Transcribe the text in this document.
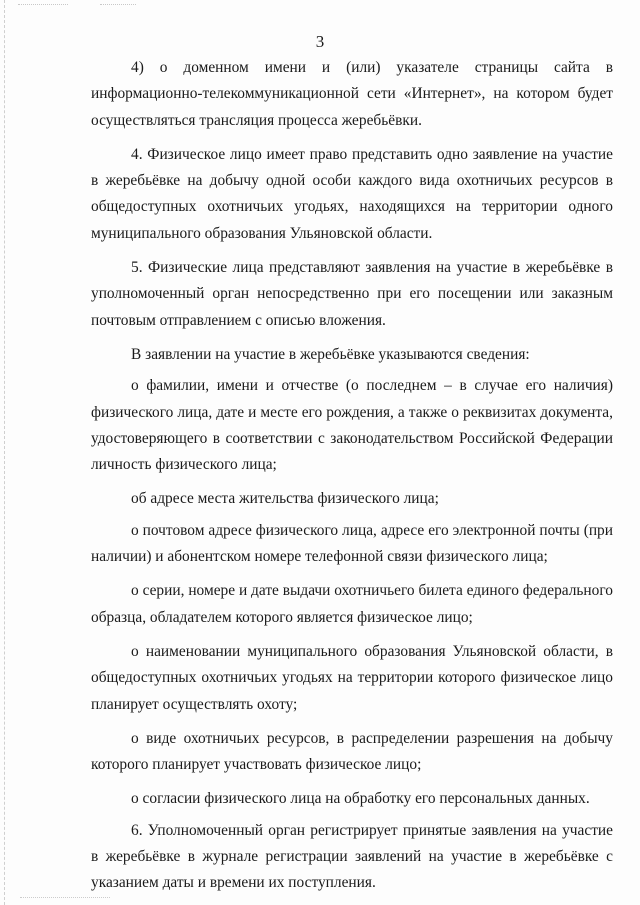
3

4) о доменном имени и (или) указателе страницы сайта в информационно-телекоммуникационной сети «Интернет», на котором будет осуществляться трансляция процесса жеребьёвки.

4. Физическое лицо имеет право представить одно заявление на участие в жеребьёвке на добычу одной особи каждого вида охотничьих ресурсов в общедоступных охотничьих угодьях, находящихся на территории одного муниципального образования Ульяновской области.

5. Физические лица представляют заявления на участие в жеребьёвке в уполномоченный орган непосредственно при его посещении или заказным почтовым отправлением с описью вложения.

В заявлении на участие в жеребьёвке указываются сведения:

о фамилии, имени и отчестве (о последнем – в случае его наличия) физического лица, дате и месте его рождения, а также о реквизитах документа, удостоверяющего в соответствии с законодательством Российской Федерации личность физического лица;

об адресе места жительства физического лица;

о почтовом адресе физического лица, адресе его электронной почты (при наличии) и абонентском номере телефонной связи физического лица;

о серии, номере и дате выдачи охотничьего билета единого федерального образца, обладателем которого является физическое лицо;

о наименовании муниципального образования Ульяновской области, в общедоступных охотничьих угодьях на территории которого физическое лицо планирует осуществлять охоту;

о виде охотничьих ресурсов, в распределении разрешения на добычу которого планирует участвовать физическое лицо;

о согласии физического лица на обработку его персональных данных.

6. Уполномоченный орган регистрирует принятые заявления на участие в жеребьёвке в журнале регистрации заявлений на участие в жеребьёвке с указанием даты и времени их поступления.
